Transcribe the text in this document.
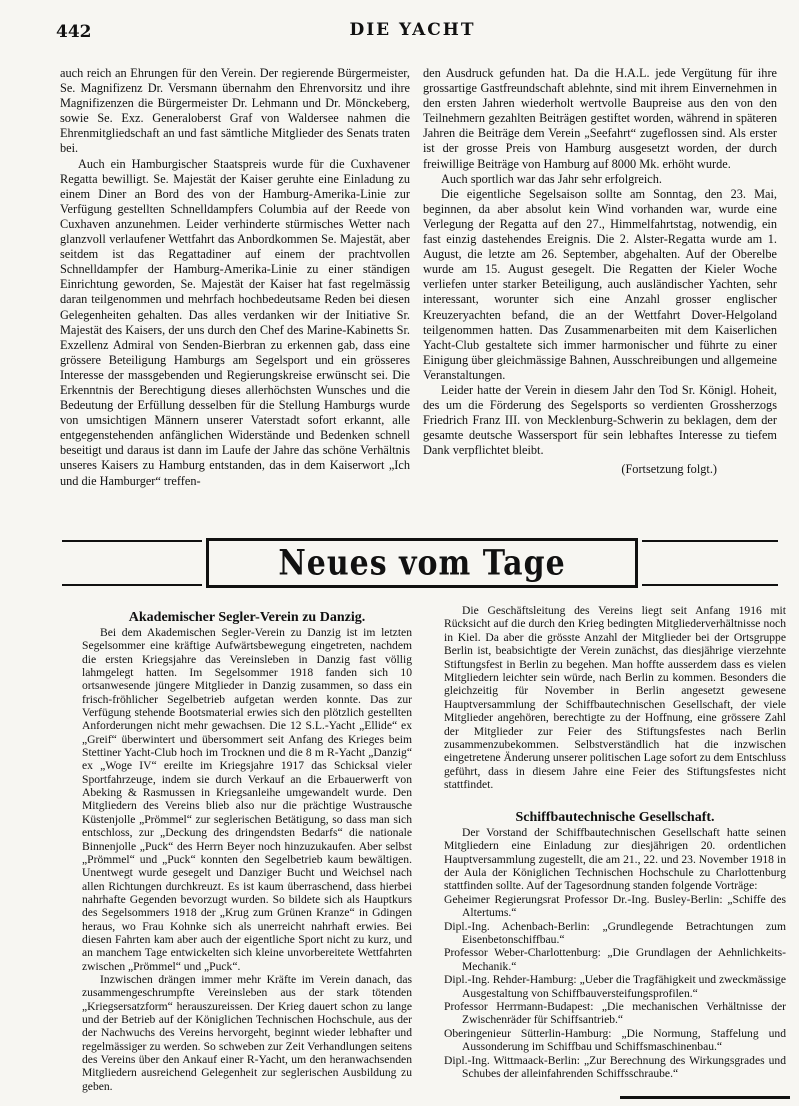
442	DIE YACHT

auch reich an Ehrungen für den Verein. Der regierende Bürgermeister, Se. Magnifizenz Dr. Versmann übernahm den Ehrenvorsitz und ihre Magnifizenzen die Bürgermeister Dr. Lehmann und Dr. Mönckeberg, sowie Se. Exz. Generaloberst Graf von Waldersee nahmen die Ehrenmitgliedschaft an und fast sämtliche Mitglieder des Senats traten bei.

Auch ein Hamburgischer Staatspreis wurde für die Cuxhavener Regatta bewilligt. Se. Majestät der Kaiser geruhte eine Einladung zu einem Diner an Bord des von der Hamburg-Amerika-Linie zur Verfügung gestellten Schnelldampfers Columbia auf der Reede von Cuxhaven anzunehmen. Leider verhinderte stürmisches Wetter nach glanzvoll verlaufener Wettfahrt das Anbordkommen Se. Majestät, aber seitdem ist das Regattadiner auf einem der prachtvollen Schnelldampfer der Hamburg-Amerika-Linie zu einer ständigen Einrichtung geworden, Se. Majestät der Kaiser hat fast regelmässig daran teilgenommen und mehrfach hochbedeutsame Reden bei diesen Gelegenheiten gehalten. Das alles verdanken wir der Initiative Sr. Majestät des Kaisers, der uns durch den Chef des Marine-Kabinetts Sr. Exzellenz Admiral von Senden-Bierbran zu erkennen gab, dass eine grössere Beteiligung Hamburgs am Segelsport und ein grösseres Interesse der massgebenden und Regierungskreise erwünscht sei. Die Erkenntnis der Berechtigung dieses allerhöchsten Wunsches und die Bedeutung der Erfüllung desselben für die Stellung Hamburgs wurde von umsichtigen Männern unserer Vaterstadt sofort erkannt, alle entgegenstehenden anfänglichen Widerstände und Bedenken schnell beseitigt und daraus ist dann im Laufe der Jahre das schöne Verhältnis unseres Kaisers zu Hamburg entstanden, das in dem Kaiserwort „Ich und die Hamburger“ treffen-

den Ausdruck gefunden hat. Da die H.A.L. jede Vergütung für ihre grossartige Gastfreundschaft ablehnte, sind mit ihrem Einvernehmen in den ersten Jahren wiederholt wertvolle Baupreise aus den von den Teilnehmern gezahlten Beiträgen gestiftet worden, während in späteren Jahren die Beiträge dem Verein „Seefahrt“ zugeflossen sind. Als erster ist der grosse Preis von Hamburg ausgesetzt worden, der durch freiwillige Beiträge von Hamburg auf 8000 Mk. erhöht wurde.

Auch sportlich war das Jahr sehr erfolgreich.

Die eigentliche Segelsaison sollte am Sonntag, den 23. Mai, beginnen, da aber absolut kein Wind vorhanden war, wurde eine Verlegung der Regatta auf den 27., Himmelfahrtstag, notwendig, ein fast einzig dastehendes Ereignis. Die 2. Alster-Regatta wurde am 1. August, die letzte am 26. September, abgehalten. Auf der Oberelbe wurde am 15. August gesegelt. Die Regatten der Kieler Woche verliefen unter starker Beteiligung, auch ausländischer Yachten, sehr interessant, worunter sich eine Anzahl grosser englischer Kreuzeryachten befand, die an der Wettfahrt Dover-Helgoland teilgenommen hatten. Das Zusammenarbeiten mit dem Kaiserlichen Yacht-Club gestaltete sich immer harmonischer und führte zu einer Einigung über gleichmässige Bahnen, Ausschreibungen und allgemeine Veranstaltungen.

Leider hatte der Verein in diesem Jahr den Tod Sr. Königl. Hoheit, des um die Förderung des Segelsports so verdienten Grossherzogs Friedrich Franz III. von Mecklenburg-Schwerin zu beklagen, dem der gesamte deutsche Wassersport für sein lebhaftes Interesse zu tiefem Dank verpflichtet bleibt.

(Fortsetzung folgt.)
Neues vom Tage

Akademischer Segler-Verein zu Danzig.

Bei dem Akademischen Segler-Verein zu Danzig ist im letzten Segelsommer eine kräftige Aufwärtsbewegung eingetreten, nachdem die ersten Kriegsjahre das Vereinsleben in Danzig fast völlig lahmgelegt hatten. Im Segelsommer 1918 fanden sich 10 ortsanwesende jüngere Mitglieder in Danzig zusammen, so dass ein frisch-fröhlicher Segelbetrieb aufgetan werden konnte. Das zur Verfügung stehende Bootsmaterial erwies sich den plötzlich gestellten Anforderungen nicht mehr gewachsen. Die 12 S.L.-Yacht „Ellide“ ex „Greif“ überwintert und übersommert seit Anfang des Krieges beim Stettiner Yacht-Club hoch im Trocknen und die 8 m R-Yacht „Danzig“ ex „Woge IV“ ereilte im Kriegsjahre 1917 das Schicksal vieler Sportfahrzeuge, indem sie durch Verkauf an die Erbauerwerft von Abeking & Rasmussen in Kriegsanleihe umgewandelt wurde. Den Mitgliedern des Vereins blieb also nur die prächtige Wustrausche Küstenjolle „Prömmel“ zur seglerischen Betätigung, so dass man sich entschloss, zur „Deckung des dringendsten Bedarfs“ die nationale Binnenjolle „Puck“ des Herrn Beyer noch hinzuzukaufen. Aber selbst „Prömmel“ und „Puck“ konnten den Segelbetrieb kaum bewältigen. Unentwegt wurde gesegelt und Danziger Bucht und Weichsel nach allen Richtungen durchkreuzt. Es ist kaum überraschend, dass hierbei nahrhafte Gegenden bevorzugt wurden. So bildete sich als Hauptkurs des Segelsommers 1918 der „Krug zum Grünen Kranze“ in Gdingen heraus, wo Frau Kohnke sich als unerreicht nahrhaft erwies. Bei diesen Fahrten kam aber auch der eigentliche Sport nicht zu kurz, und an manchem Tage entwickelten sich kleine unvorbereitete Wettfahrten zwischen „Prömmel“ und „Puck“.

Inzwischen drängen immer mehr Kräfte im Verein danach, das zusammengeschrumpfte Vereinsleben aus der stark tötenden „Kriegsersatzform“ herauszureissen. Der Krieg dauert schon zu lange und der Betrieb auf der Königlichen Technischen Hochschule, aus der der Nachwuchs des Vereins hervorgeht, beginnt wieder lebhafter und regelmässiger zu werden. So schweben zur Zeit Verhandlungen seitens des Vereins über den Ankauf einer R-Yacht, um den heranwachsenden Mitgliedern ausreichend Gelegenheit zur seglerischen Ausbildung zu geben.

Die Geschäftsleitung des Vereins liegt seit Anfang 1916 mit Rücksicht auf die durch den Krieg bedingten Mitgliederverhältnisse noch in Kiel. Da aber die grösste Anzahl der Mitglieder bei der Ortsgruppe Berlin ist, beabsichtigte der Verein zunächst, das diesjährige vierzehnte Stiftungsfest in Berlin zu begehen. Man hoffte ausserdem dass es vielen Mitgliedern leichter sein würde, nach Berlin zu kommen. Besonders die gleichzeitig für November in Berlin angesetzt gewesene Hauptversammlung der Schiffbautechnischen Gesellschaft, der viele Mitglieder angehören, berechtigte zu der Hoffnung, eine grössere Zahl der Mitglieder zur Feier des Stiftungsfestes nach Berlin zusammenzubekommen. Selbstverständlich hat die inzwischen eingetretene Änderung unserer politischen Lage sofort zu dem Entschluss geführt, dass in diesem Jahre eine Feier des Stiftungsfestes nicht stattfindet.

Schiffbautechnische Gesellschaft.

Der Vorstand der Schiffbautechnischen Gesellschaft hatte seinen Mitgliedern eine Einladung zur diesjährigen 20. ordentlichen Hauptversammlung zugestellt, die am 21., 22. und 23. November 1918 in der Aula der Königlichen Technischen Hochschule zu Charlottenburg stattfinden sollte. Auf der Tagesordnung standen folgende Vorträge:

Geheimer Regierungsrat Professor Dr.-Ing. Busley-Berlin: „Schiffe des Altertums.“

Dipl.-Ing. Achenbach-Berlin: „Grundlegende Betrachtungen zum Eisenbetonschiffbau.“

Professor Weber-Charlottenburg: „Die Grundlagen der Aehnlichkeits-Mechanik.“

Dipl.-Ing. Rehder-Hamburg: „Ueber die Tragfähigkeit und zweckmässige Ausgestaltung von Schiffbauversteifungsprofilen.“

Professor Herrmann-Budapest: „Die mechanischen Verhältnisse der Zwischenräder für Schiffsantrieb.“

Oberingenieur Sütterlin-Hamburg: „Die Normung, Staffelung und Aussonderung im Schiffbau und Schiffsmaschinenbau.“

Dipl.-Ing. Wittmaack-Berlin: „Zur Berechnung des Wirkungsgrades und Schubes der alleinfahrenden Schiffsschraube.“
